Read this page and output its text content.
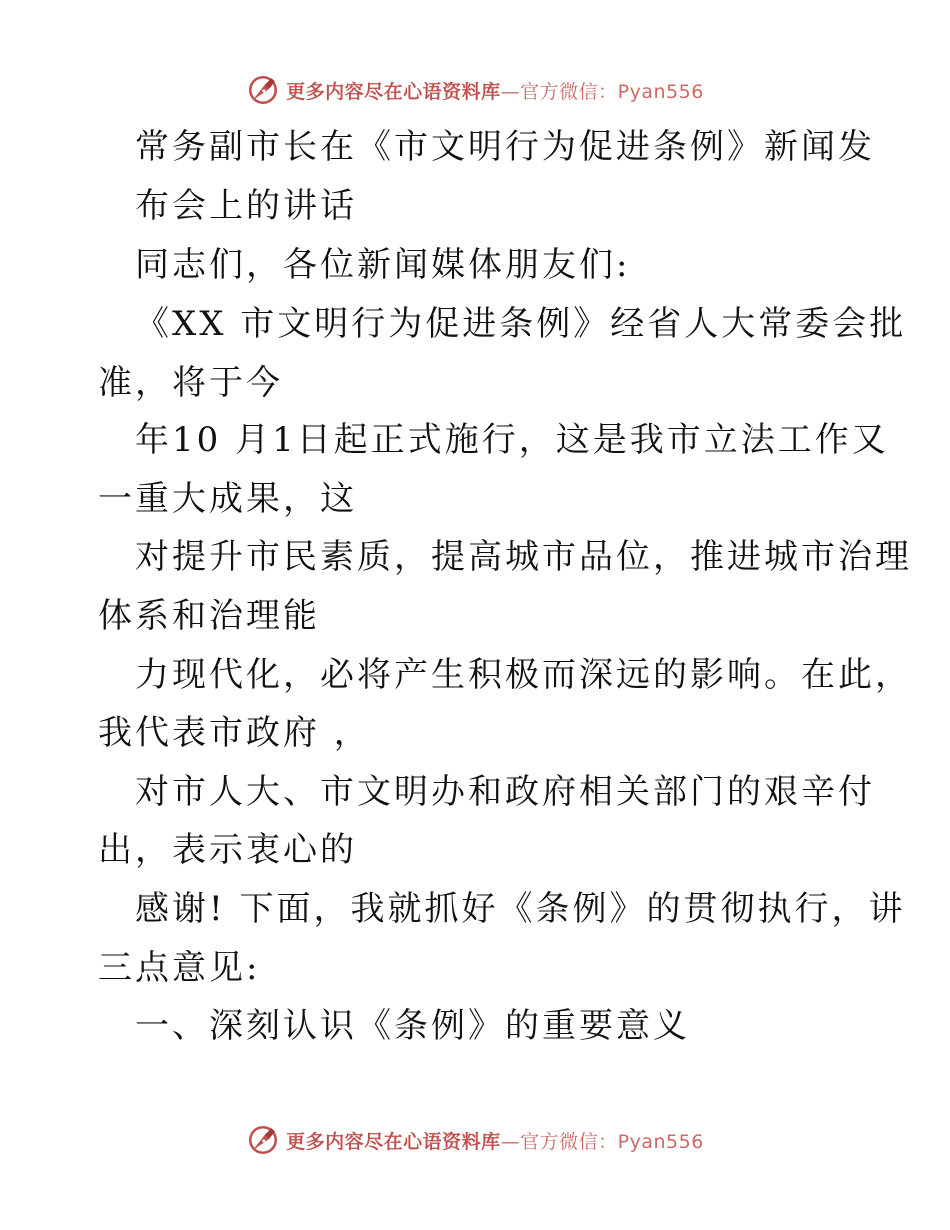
更多内容尽在心语资料库—官方微信：Pyan556
常务副市长在《市文明行为促进条例》新闻发
布会上的讲话
同志们，各位新闻媒体朋友们:
《XX 市文明行为促进条例》经省人大常委会批
准，将于今
年10 月1日起正式施行，这是我市立法工作又
一重大成果，这
对提升市民素质，提高城市品位，推进城市治理
体系和治理能
力现代化，必将产生积极而深远的影响。在此，
我代表市政府 ，
对市人大、市文明办和政府相关部门的艰辛付
出，表示衷心的
感谢! 下面，我就抓好《条例》的贯彻执行，讲
三点意见:
一、深刻认识《条例》的重要意义
更多内容尽在心语资料库—官方微信：Pyan556
